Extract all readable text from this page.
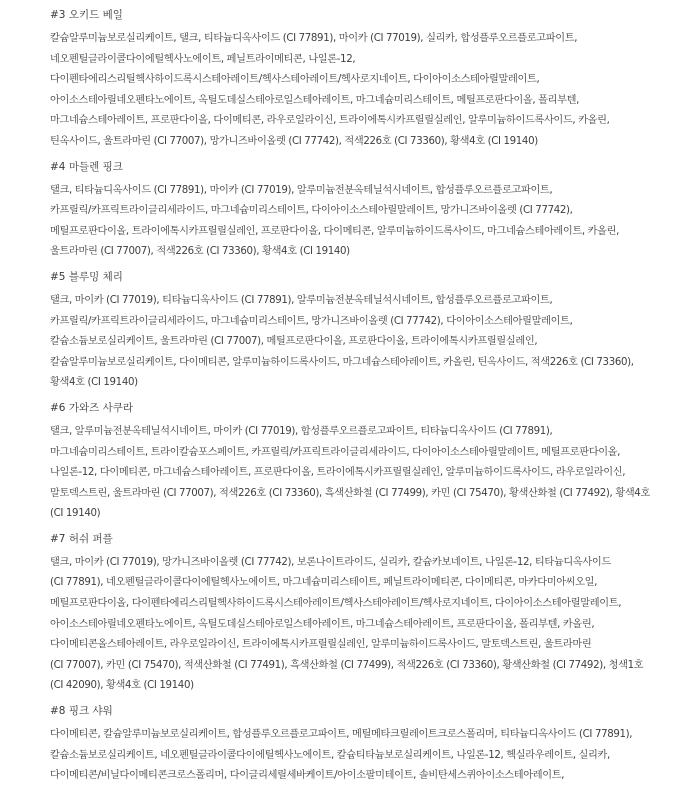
#3 오키드 베일
칼슘알루미늄보로실리케이트, 탤크, 티타늄디옥사이드 (CI 77891), 마이카 (CI 77019), 실리카, 합성플루오르플로고파이트,
네오펜틸글라이콜다이에틸헥사노에이트, 페닐트라이메티콘, 나일론-12,
다이펜타에리스리틸헥사하이드록시스테아레이트/헥사스테아레이트/헥사로지네이트, 다이아이소스테아릴말레이트,
아이소스테아릴네오펜타노에이트, 옥틸도데실스테아로일스테아레이트, 마그네슘미리스테이트, 메틸프로판다이올, 폴리부텐,
마그네슘스테아레이트, 프로판다이올, 다이메티콘, 라우로일라이신, 트라이에톡시카프릴릴실레인, 알루미늄하이드록사이드, 카올린,
틴옥사이드, 울트라마린 (CI 77007), 망가니즈바이올렛 (CI 77742), 적색226호 (CI 73360), 황색4호 (CI 19140)
#4 마들렌 핑크
탤크, 티타늄디옥사이드 (CI 77891), 마이카 (CI 77019), 알루미늄전분옥테닐석시네이트, 합성플루오르플로고파이트,
카프릴릭/카프릭트라이글리세라이드, 마그네슘미리스테이트, 다이아이소스테아릴말레이트, 망가니즈바이올렛 (CI 77742),
메틸프로판다이올, 트라이에톡시카프릴릴실레인, 프로판다이올, 다이메티콘, 알루미늄하이드록사이드, 마그네슘스테아레이트, 카올린,
울트라마린 (CI 77007), 적색226호 (CI 73360), 황색4호 (CI 19140)
#5 블루밍 체리
탤크, 마이카 (CI 77019), 티타늄디옥사이드 (CI 77891), 알루미늄전분옥테닐석시네이트, 합성플루오르플로고파이트,
카프릴릭/카프릭트라이글리세라이드, 마그네슘미리스테이트, 망가니즈바이올렛 (CI 77742), 다이아이소스테아릴말레이트,
칼슘소듐보로실리케이트, 울트라마린 (CI 77007), 메틸프로판다이올, 프로판다이올, 트라이에톡시카프릴릴실레인,
칼슘알루미늄보로실리케이트, 다이메티콘, 알루미늄하이드록사이드, 마그네슘스테아레이트, 카올린, 틴옥사이드, 적색226호 (CI 73360),
황색4호 (CI 19140)
#6 가와즈 사쿠라
탤크, 알루미늄전분옥테닐석시네이트, 마이카 (CI 77019), 합성플루오르플로고파이트, 티타늄디옥사이드 (CI 77891),
마그네슘미리스테이트, 트라이칼슘포스페이트, 카프릴릭/카프릭트라이글리세라이드, 다이아이소스테아릴말레이트, 메틸프로판다이올,
나일론-12, 다이메티콘, 마그네슘스테아레이트, 프로판다이올, 트라이에톡시카프릴릴실레인, 알루미늄하이드록사이드, 라우로일라이신,
말토덱스트린, 울트라마린 (CI 77007), 적색226호 (CI 73360), 흑색산화철 (CI 77499), 카민 (CI 75470), 황색산화철 (CI 77492), 황색4호
(CI 19140)
#7 허쉬 퍼플
탤크, 마이카 (CI 77019), 망가니즈바이올렛 (CI 77742), 보론나이트라이드, 실리카, 칼슘카보네이트, 나일론-12, 티타늄디옥사이드
(CI 77891), 네오펜틸글라이콜다이에틸헥사노에이트, 마그네슘미리스테이트, 페닐트라이메티콘, 다이메티콘, 마카다미아씨오일,
메틸프로판다이올, 다이펜타에리스리틸헥사하이드록시스테아레이트/헥사스테아레이트/헥사로지네이트, 다이아이소스테아릴말레이트,
아이소스테아릴네오펜타노에이트, 옥틸도데실스테아로일스테아레이트, 마그네슘스테아레이트, 프로판다이올, 폴리부텐, 카올린,
다이메티콘올스테아레이트, 라우로일라이신, 트라이에톡시카프릴릴실레인, 알루미늄하이드록사이드, 말토덱스트린, 울트라마린
(CI 77007), 카민 (CI 75470), 적색산화철 (CI 77491), 흑색산화철 (CI 77499), 적색226호 (CI 73360), 황색산화철 (CI 77492), 청색1호
(CI 42090), 황색4호 (CI 19140)
#8 핑크 샤워
다이메티콘, 칼슘알루미늄보로실리케이트, 합성플루오르플로고파이트, 메틸메타크릴레이트크로스폴리머, 티타늄디옥사이드 (CI 77891),
칼슘소듐보로실리케이트, 네오펜틸글라이콜다이에틸헥사노에이트, 칼슘티타늄보로실리케이트, 나일론-12, 헥실라우레이트, 실리카,
다이메티콘/비닐다이메티콘크로스폴리머, 다이글리세릴세바케이트/아이소팔미테이트, 솔비탄세스퀴아이소스테아레이트,
